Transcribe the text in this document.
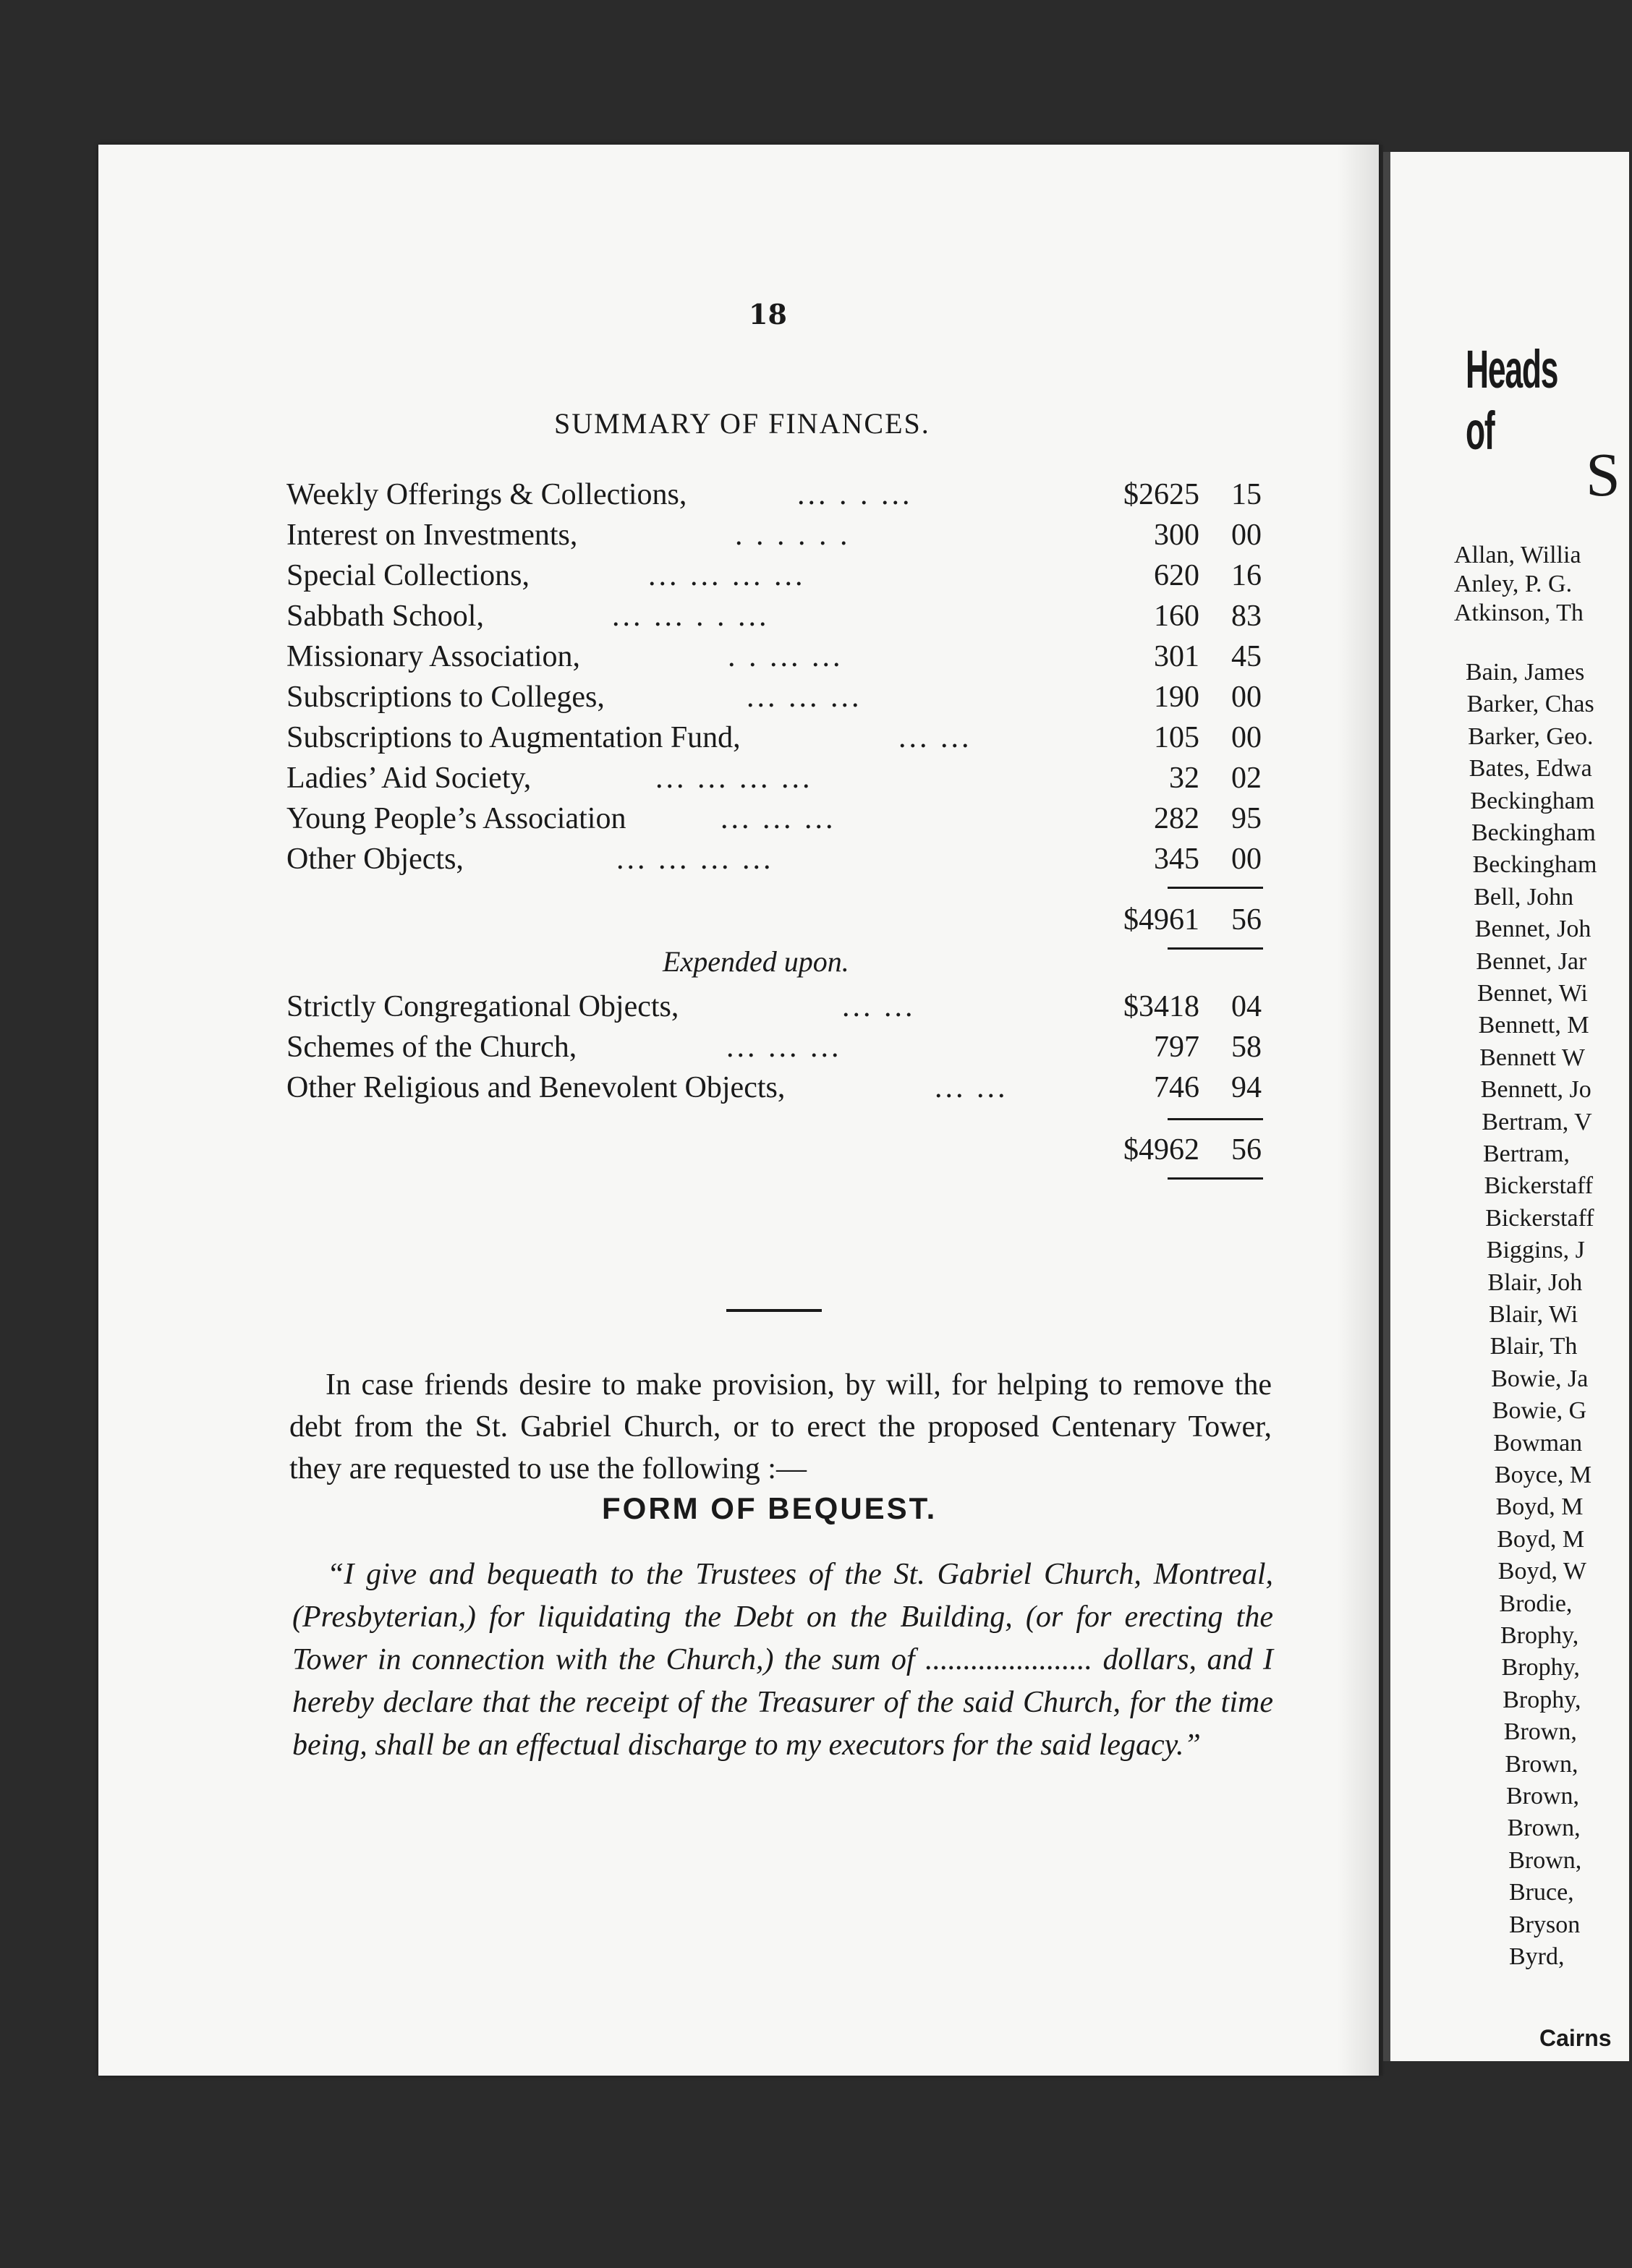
18
SUMMARY OF FINANCES.
Weekly Offerings & Collections,	... . . ...	$2625	15
Interest on Investments,	. . . . . .	300	00
Special Collections,	... ... ... ...	620	16
Sabbath School,	... ... . . ...	160	83
Missionary Association,	. . ... ...	301	45
Subscriptions to Colleges,	... ... ...	190	00
Subscriptions to Augmentation Fund,	... ...	105	00
Ladies’ Aid Society,	... ... ... ...	32	02
Young People’s Association	... ... ...	282	95
Other Objects,	... ... ... ...	345	00
$4961	56
Expended upon.
Strictly Congregational Objects,	... ...	$3418	04
Schemes of the Church,	... ... ...	797	58
Other Religious and Benevolent Objects,	... ...	746	94
$4962	56

In case friends desire to make provision, by will, for helping to remove the debt from the St. Gabriel Church, or to erect the proposed Centenary Tower, they are requested to use the following :—

FORM OF BEQUEST.

“I give and bequeath to the Trustees of the St. Gabriel Church, Montreal, (Presbyterian,) for liquidating the Debt on the Building, (or for erecting the Tower in connection with the Church,) the sum of ...................... dollars, and I hereby declare that the receipt of the Treasurer of the said Church, for the time being, shall be an effectual discharge to my executors for the said legacy.”

Heads of
S
Allan, Willia
Anley, P. G.
Atkinson, Th
Bain, James
Barker, Chas
Barker, Geo.
Bates, Edwa
Beckingham
Beckingham
Beckingham
Bell, John
Bennet, Joh
Bennet, Jar
Bennet, Wi
Bennett, M
Bennett W
Bennett, Jo
Bertram, V
Bertram,
Bickerstaff
Bickerstaff
Biggins, J
Blair, Joh
Blair, Wi
Blair, Th
Bowie, Ja
Bowie, G
Bowman
Boyce, M
Boyd, M
Boyd, M
Boyd, W
Brodie,
Brophy,
Brophy,
Brophy,
Brown,
Brown,
Brown,
Brown,
Brown,
Bruce,
Bryson
Byrd,
Cairns
